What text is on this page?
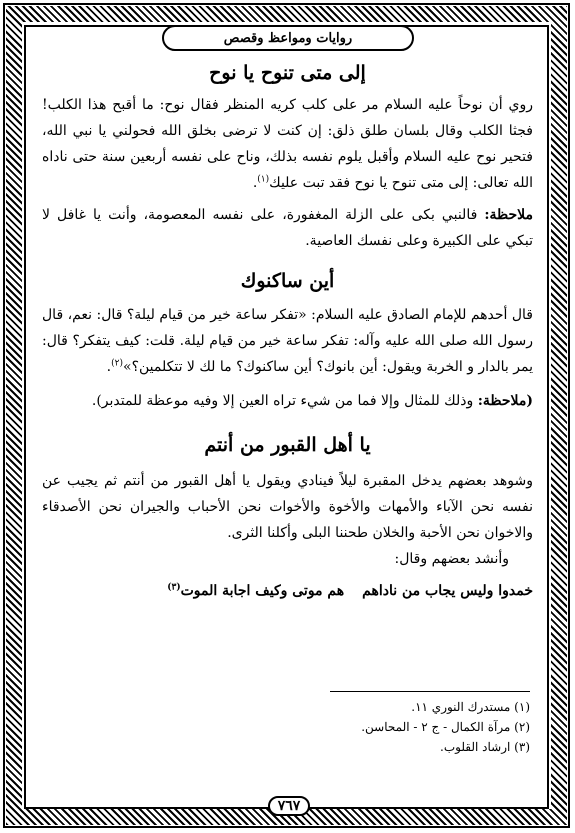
روايات ومواعظ وقصص
إلى متى تنوح يا نوح

روي أن نوحاً عليه السلام مر على كلب كريه المنظر فقال نوح: ما أقبح هذا الكلب! فجثا الكلب وقال بلسان طلق ذلق: إن كنت لا ترضى بخلق الله فحولني يا نبي الله، فتحير نوح عليه السلام وأقبل يلوم نفسه بذلك، وناح على نفسه أربعين سنة حتى ناداه الله تعالى: إلى متى تنوح يا نوح فقد تبت عليك$^{(١)}$.

ملاحظة: فالنبي بكى على الزلة المغفورة، على نفسه المعصومة، وأنت يا غافل لا تبكي على الكبيرة وعلى نفسك العاصية.

أين ساكنوك

قال أحدهم للإمام الصادق عليه السلام: «تفكر ساعة خير من قيام ليلة؟ قال: نعم، قال رسول الله صلى الله عليه وآله: تفكر ساعة خير من قيام ليلة. قلت: كيف يتفكر؟ قال: يمر بالدار و الخربة ويقول: أين بانوك؟ أين ساكنوك؟ ما لك لا تتكلمين؟»$^{(٢)}$.

(ملاحظة: وذلك للمثال وإلا فما من شيء تراه العين إلا وفيه موعظة للمتدبر).

يا أهل القبور من أنتم

وشوهد بعضهم يدخل المقبرة ليلاً فينادي ويقول يا أهل القبور من أنتم ثم يجيب عن نفسه نحن الآباء والأمهات والأخوة والأخوات نحن الأحباب والجيران نحن الأصدقاء والاخوان نحن الأحبة والخلان طحننا البلى وأكلنا الثرى.

وأنشد بعضهم وقال:

خمدوا وليس يجاب من ناداهم
هم موتى وكيف اجابة الموت$^{(٣)}$
(١) مستدرك النوري ١١.
(٢) مرآة الكمال - ج ٢ - المحاسن.
(٣) ارشاد القلوب.
٧٦٧
